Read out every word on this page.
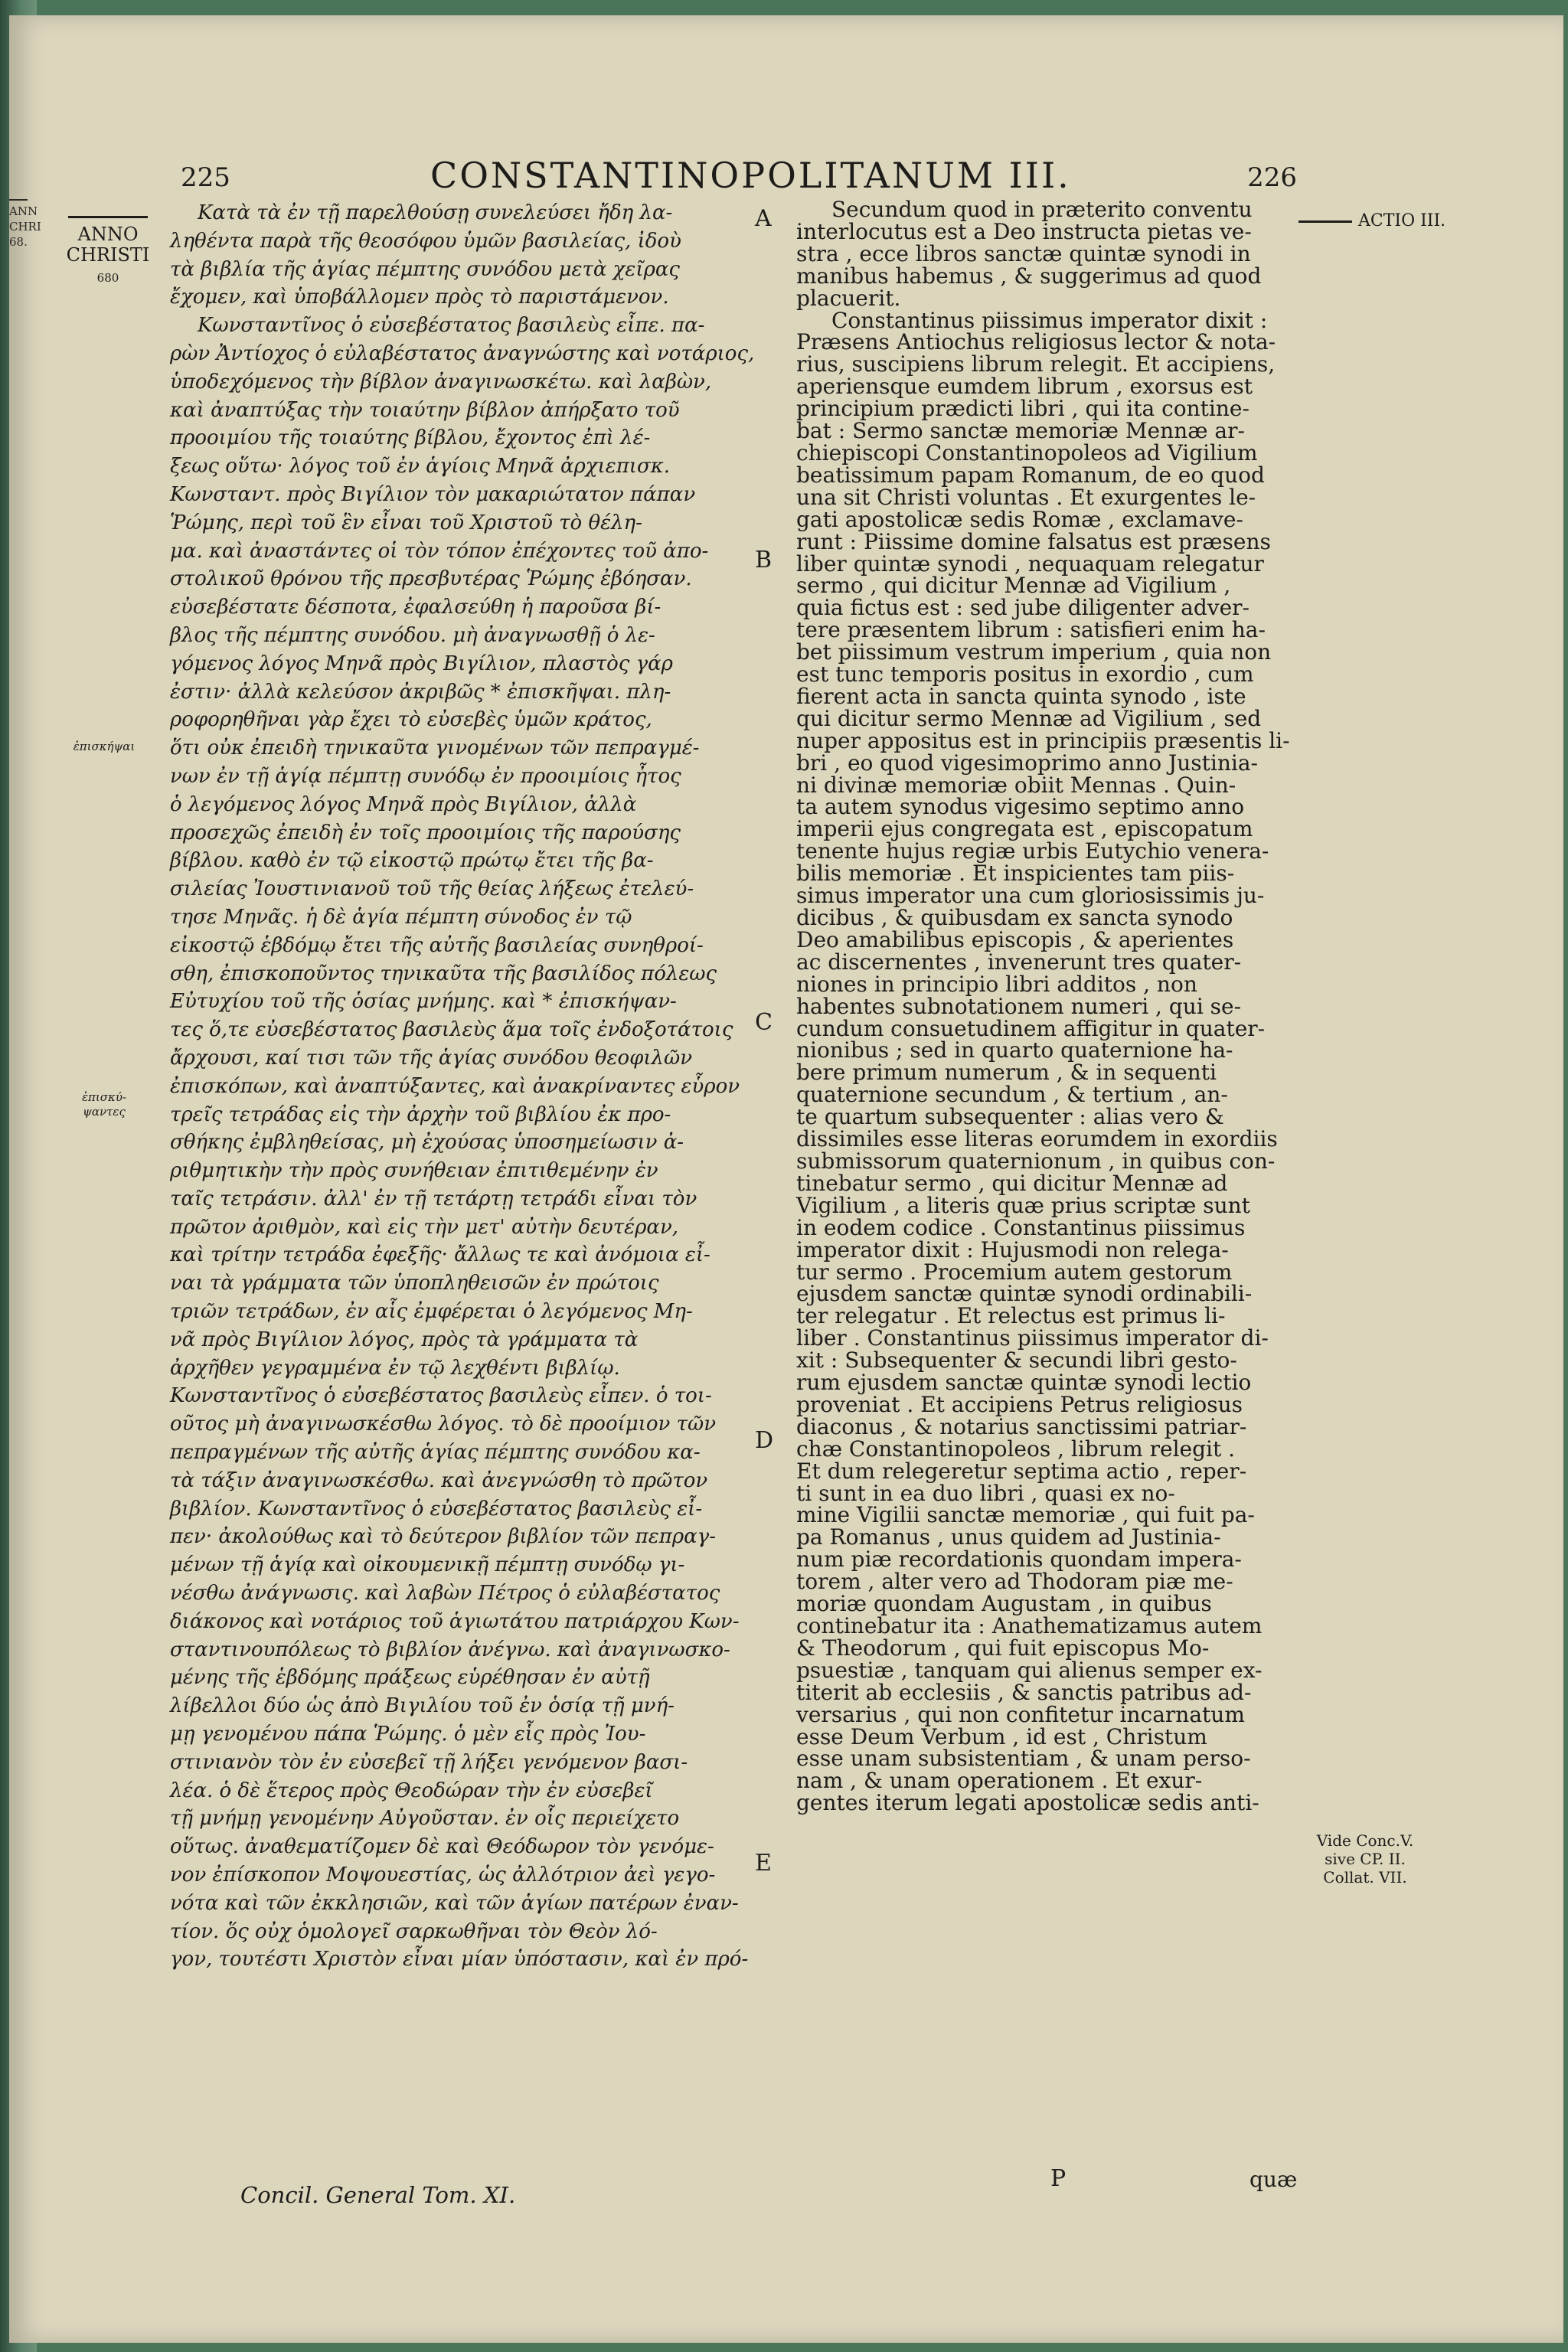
ANN
CHRI
68.
225	CONSTANTINOPOLITANUM III.	226
ANNO
CHRISTI
680
ἐπισκήψαι
ἐπισκύ-
ψαντες
Κατὰ τὰ ἐν τῇ παρελθούσῃ συνελεύσει ἤδη λα-
ληθέντα παρὰ τῆς θεοσόφου ὑμῶν βασιλείας, ἰδοὺ
τὰ βιβλία τῆς ἁγίας πέμπτης συνόδου μετὰ χεῖρας
ἔχομεν, καὶ ὑποβάλλομεν πρὸς τὸ παριστάμενον.
Κωνσταντῖνος ὁ εὐσεβέστατος βασιλεὺς εἶπε. πα-
ρὼν Ἀντίοχος ὁ εὐλαβέστατος ἀναγνώστης καὶ νοτάριος,
ὑποδεχόμενος τὴν βίβλον ἀναγινωσκέτω. καὶ λαβὼν,
καὶ ἀναπτύξας τὴν τοιαύτην βίβλον ἀπήρξατο τοῦ
προοιμίου τῆς τοιαύτης βίβλου, ἔχοντος ἐπὶ λέ-
ξεως οὕτω· λόγος τοῦ ἐν ἁγίοις Μηνᾶ ἀρχιεπισκ.
Κωνσταντ. πρὸς Βιγίλιον τὸν μακαριώτατον πάπαν
Ῥώμης, περὶ τοῦ ἓν εἶναι τοῦ Χριστοῦ τὸ θέλη-
μα. καὶ ἀναστάντες οἱ τὸν τόπον ἐπέχοντες τοῦ ἀπο-
στολικοῦ θρόνου τῆς πρεσβυτέρας Ῥώμης ἐβόησαν.
εὐσεβέστατε δέσποτα, ἐφαλσεύθη ἡ παροῦσα βί-
βλος τῆς πέμπτης συνόδου. μὴ ἀναγνωσθῇ ὁ λε-
γόμενος λόγος Μηνᾶ πρὸς Βιγίλιον, πλαστὸς γάρ
ἐστιν· ἀλλὰ κελεύσον ἀκριβῶς * ἐπισκῆψαι. πλη-
ροφορηθῆναι γὰρ ἔχει τὸ εὐσεβὲς ὑμῶν κράτος,
ὅτι οὐκ ἐπειδὴ τηνικαῦτα γινομένων τῶν πεπραγμέ-
νων ἐν τῇ ἁγίᾳ πέμπτῃ συνόδῳ ἐν προοιμίοις ἦτος
ὁ λεγόμενος λόγος Μηνᾶ πρὸς Βιγίλιον, ἀλλὰ
προσεχῶς ἐπειδὴ ἐν τοῖς προοιμίοις τῆς παρούσης
βίβλου. καθὸ ἐν τῷ εἰκοστῷ πρώτῳ ἔτει τῆς βα-
σιλείας Ἰουστινιανοῦ τοῦ τῆς θείας λήξεως ἐτελεύ-
τησε Μηνᾶς. ἡ δὲ ἁγία πέμπτη σύνοδος ἐν τῷ
εἰκοστῷ ἑβδόμῳ ἔτει τῆς αὐτῆς βασιλείας συνηθροί-
σθη, ἐπισκοποῦντος τηνικαῦτα τῆς βασιλίδος πόλεως
Εὐτυχίου τοῦ τῆς ὁσίας μνήμης. καὶ * ἐπισκήψαν-
τες ὅ,τε εὐσεβέστατος βασιλεὺς ἅμα τοῖς ἐνδοξοτάτοις
ἄρχουσι, καί τισι τῶν τῆς ἁγίας συνόδου θεοφιλῶν
ἐπισκόπων, καὶ ἀναπτύξαντες, καὶ ἀνακρίναντες εὗρον
τρεῖς τετράδας εἰς τὴν ἀρχὴν τοῦ βιβλίου ἐκ προ-
σθήκης ἐμβληθείσας, μὴ ἐχούσας ὑποσημείωσιν ἀ-
ριθμητικὴν τὴν πρὸς συνήθειαν ἐπιτιθεμένην ἐν
ταῖς τετράσιν. ἀλλ' ἐν τῇ τετάρτῃ τετράδι εἶναι τὸν
πρῶτον ἀριθμὸν, καὶ εἰς τὴν μετ' αὐτὴν δευτέραν,
καὶ τρίτην τετράδα ἐφεξῆς· ἄλλως τε καὶ ἀνόμοια εἶ-
ναι τὰ γράμματα τῶν ὑποπληθεισῶν ἐν πρώτοις
τριῶν τετράδων, ἐν αἷς ἐμφέρεται ὁ λεγόμενος Μη-
νᾶ πρὸς Βιγίλιον λόγος, πρὸς τὰ γράμματα τὰ
ἀρχῆθεν γεγραμμένα ἐν τῷ λεχθέντι βιβλίῳ.
Κωνσταντῖνος ὁ εὐσεβέστατος βασιλεὺς εἶπεν. ὁ τοι-
οῦτος μὴ ἀναγινωσκέσθω λόγος. τὸ δὲ προοίμιον τῶν
πεπραγμένων τῆς αὐτῆς ἁγίας πέμπτης συνόδου κα-
τὰ τάξιν ἀναγινωσκέσθω. καὶ ἀνεγνώσθη τὸ πρῶτον
βιβλίον. Κωνσταντῖνος ὁ εὐσεβέστατος βασιλεὺς εἶ-
πεν· ἀκολούθως καὶ τὸ δεύτερον βιβλίον τῶν πεπραγ-
μένων τῇ ἁγίᾳ καὶ οἰκουμενικῇ πέμπτῃ συνόδῳ γι-
νέσθω ἀνάγνωσις. καὶ λαβὼν Πέτρος ὁ εὐλαβέστατος
διάκονος καὶ νοτάριος τοῦ ἁγιωτάτου πατριάρχου Κων-
σταντινουπόλεως τὸ βιβλίον ἀνέγνω. καὶ ἀναγινωσκο-
μένης τῆς ἑβδόμης πράξεως εὑρέθησαν ἐν αὐτῇ
λίβελλοι δύο ὡς ἀπὸ Βιγιλίου τοῦ ἐν ὁσίᾳ τῇ μνή-
μῃ γενομένου πάπα Ῥώμης. ὁ μὲν εἷς πρὸς Ἰου-
στινιανὸν τὸν ἐν εὐσεβεῖ τῇ λήξει γενόμενον βασι-
λέα. ὁ δὲ ἕτερος πρὸς Θεοδώραν τὴν ἐν εὐσεβεῖ
τῇ μνήμῃ γενομένην Αὐγοῦσταν. ἐν οἷς περιείχετο
οὕτως. ἀναθεματίζομεν δὲ καὶ Θεόδωρον τὸν γενόμε-
νον ἐπίσκοπον Μοψουεστίας, ὡς ἀλλότριον ἀεὶ γεγο-
νότα καὶ τῶν ἐκκλησιῶν, καὶ τῶν ἁγίων πατέρων ἐναν-
τίον. ὅς οὐχ ὁμολογεῖ σαρκωθῆναι τὸν Θεὸν λό-
γον, τουτέστι Χριστὸν εἶναι μίαν ὑπόστασιν, καὶ ἐν πρό-
A
B
C
D
E
Secundum quod in præterito conventu
interlocutus est a Deo instructa pietas ve-
stra , ecce libros sanctæ quintæ synodi in
manibus habemus , & suggerimus ad quod
placuerit.
Constantinus piissimus imperator dixit :
Præsens Antiochus religiosus lector & nota-
rius, suscipiens librum relegit. Et accipiens,
aperiensque eumdem librum , exorsus est
principium prædicti libri , qui ita contine-
bat : Sermo sanctæ memoriæ Mennæ ar-
chiepiscopi Constantinopoleos ad Vigilium
beatissimum papam Romanum, de eo quod
una sit Christi voluntas . Et exurgentes le-
gati apostolicæ sedis Romæ , exclamave-
runt : Piissime domine falsatus est præsens
liber quintæ synodi , nequaquam relegatur
sermo , qui dicitur Mennæ ad Vigilium ,
quia fictus est : sed jube diligenter adver-
tere præsentem librum : satisfieri enim ha-
bet piissimum vestrum imperium , quia non
est tunc temporis positus in exordio , cum
fierent acta in sancta quinta synodo , iste
qui dicitur sermo Mennæ ad Vigilium , sed
nuper appositus est in principiis præsentis li-
bri , eo quod vigesimoprimo anno Justinia-
ni divinæ memoriæ obiit Mennas . Quin-
ta autem synodus vigesimo septimo anno
imperii ejus congregata est , episcopatum
tenente hujus regiæ urbis Eutychio venera-
bilis memoriæ . Et inspicientes tam piis-
simus imperator una cum gloriosissimis ju-
dicibus , & quibusdam ex sancta synodo
Deo amabilibus episcopis , & aperientes
ac discernentes , invenerunt tres quater-
niones in principio libri additos , non
habentes subnotationem numeri , qui se-
cundum consuetudinem affigitur in quater-
nionibus ; sed in quarto quaternione ha-
bere primum numerum , & in sequenti
quaternione secundum , & tertium , an-
te quartum subsequenter : alias vero &
dissimiles esse literas eorumdem in exordiis
submissorum quaternionum , in quibus con-
tinebatur sermo , qui dicitur Mennæ ad
Vigilium , a literis quæ prius scriptæ sunt
in eodem codice . Constantinus piissimus
imperator dixit : Hujusmodi non relega-
tur sermo . Procemium autem gestorum
ejusdem sanctæ quintæ synodi ordinabili-
ter relegatur . Et relectus est primus li-
liber . Constantinus piissimus imperator di-
xit : Subsequenter & secundi libri gesto-
rum ejusdem sanctæ quintæ synodi lectio
proveniat . Et accipiens Petrus religiosus
diaconus , & notarius sanctissimi patriar-
chæ Constantinopoleos , librum relegit .
Et dum relegeretur septima actio , reper-
ti sunt in ea duo libri , quasi ex no-
mine Vigilii sanctæ memoriæ , qui fuit pa-
pa Romanus , unus quidem ad Justinia-
num piæ recordationis quondam impera-
torem , alter vero ad Thodoram piæ me-
moriæ quondam Augustam , in quibus
continebatur ita : Anathematizamus autem
& Theodorum , qui fuit episcopus Mo-
psuestiæ , tanquam qui alienus semper ex-
titerit ab ecclesiis , & sanctis patribus ad-
versarius , qui non confitetur incarnatum
esse Deum Verbum , id est , Christum
esse unam subsistentiam , & unam perso-
nam , & unam operationem . Et exur-
gentes iterum legati apostolicæ sedis anti-
ACTIO III.
Vide Conc.V.
sive CP. II.
Collat. VII.
Concil. General Tom. XI.
P	quæ
